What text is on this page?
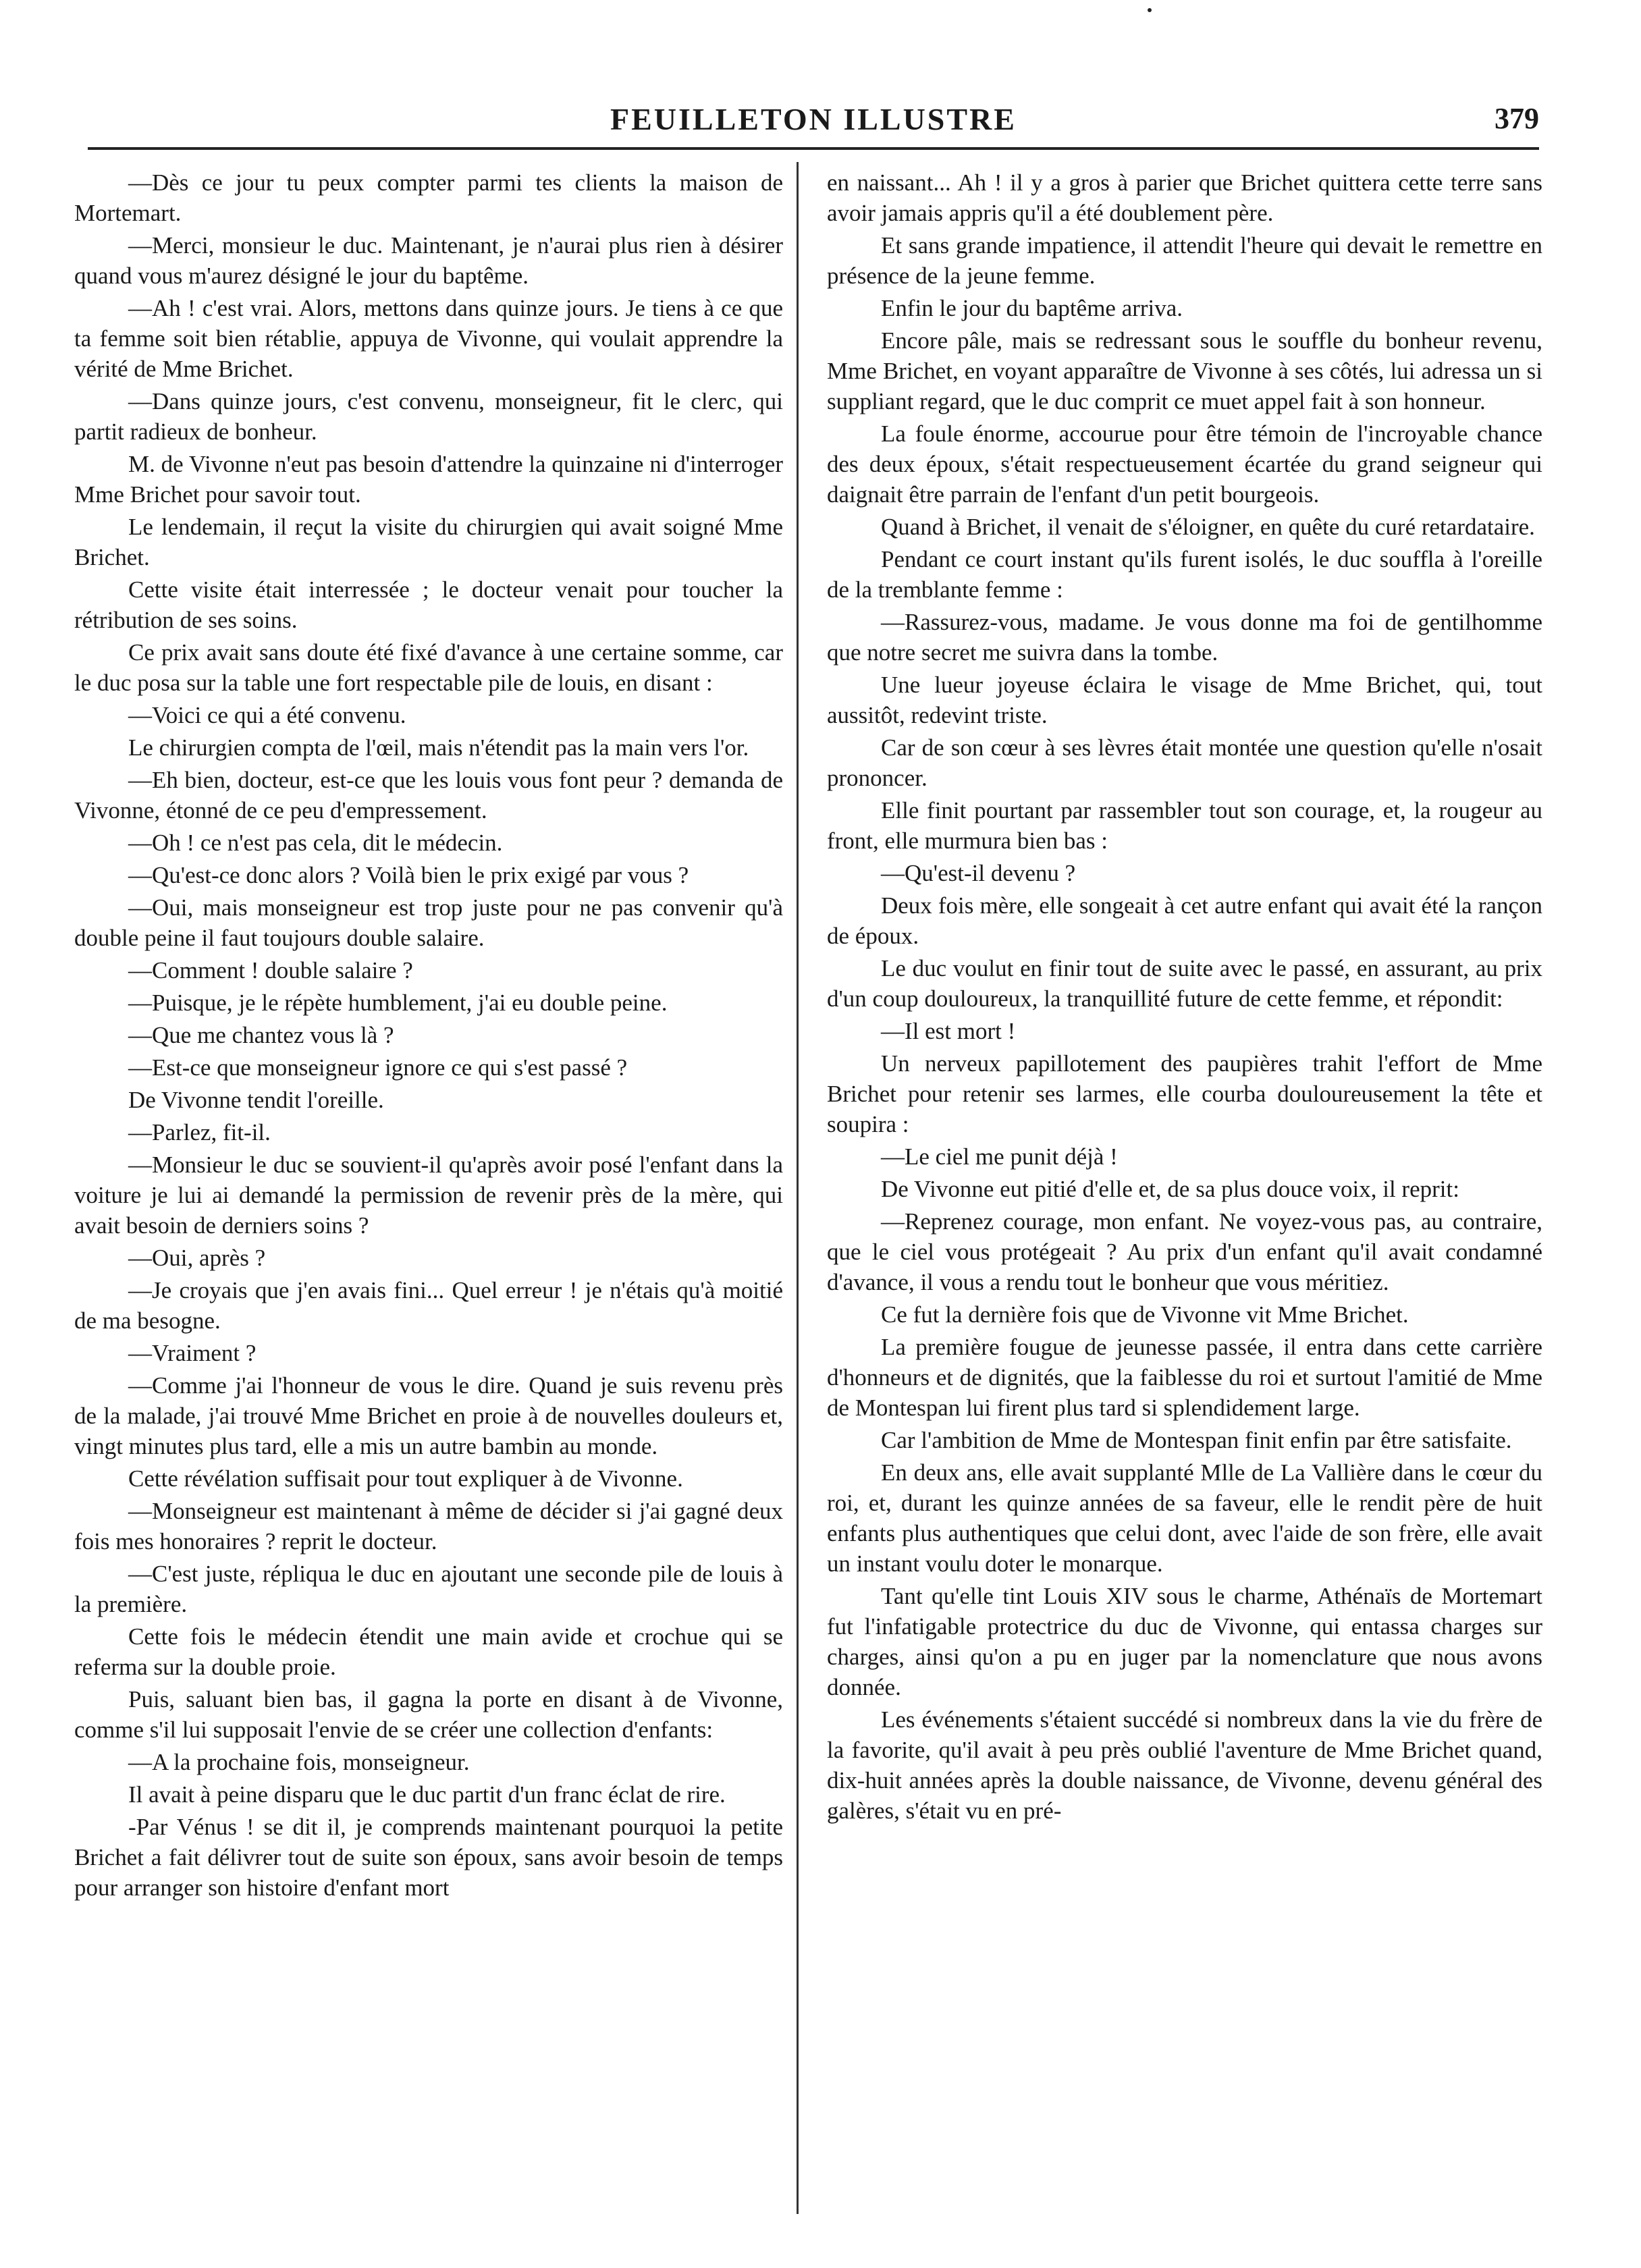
FEUILLETON ILLUSTRE	379

—Dès ce jour tu peux compter parmi tes clients la maison de Mortemart.

—Merci, monsieur le duc. Maintenant, je n'aurai plus rien à désirer quand vous m'aurez désigné le jour du baptême.

—Ah ! c'est vrai. Alors, mettons dans quinze jours. Je tiens à ce que ta femme soit bien rétablie, appuya de Vivonne, qui voulait apprendre la vérité de Mme Brichet.

—Dans quinze jours, c'est convenu, monseigneur, fit le clerc, qui partit radieux de bonheur.

M. de Vivonne n'eut pas besoin d'attendre la quinzaine ni d'interroger Mme Brichet pour savoir tout.

Le lendemain, il reçut la visite du chirurgien qui avait soigné Mme Brichet.

Cette visite était interressée ; le docteur venait pour toucher la rétribution de ses soins.

Ce prix avait sans doute été fixé d'avance à une certaine somme, car le duc posa sur la table une fort respectable pile de louis, en disant :

—Voici ce qui a été convenu.

Le chirurgien compta de l'œil, mais n'étendit pas la main vers l'or.

—Eh bien, docteur, est-ce que les louis vous font peur ? demanda de Vivonne, étonné de ce peu d'empressement.

—Oh ! ce n'est pas cela, dit le médecin.

—Qu'est-ce donc alors ? Voilà bien le prix exigé par vous ?

—Oui, mais monseigneur est trop juste pour ne pas convenir qu'à double peine il faut toujours double salaire.

—Comment ! double salaire ?

—Puisque, je le répète humblement, j'ai eu double peine.

—Que me chantez vous là ?

—Est-ce que monseigneur ignore ce qui s'est passé ?

De Vivonne tendit l'oreille.

—Parlez, fit-il.

—Monsieur le duc se souvient-il qu'après avoir posé l'enfant dans la voiture je lui ai demandé la permission de revenir près de la mère, qui avait besoin de derniers soins ?

—Oui, après ?

—Je croyais que j'en avais fini... Quel erreur ! je n'étais qu'à moitié de ma besogne.

—Vraiment ?

—Comme j'ai l'honneur de vous le dire. Quand je suis revenu près de la malade, j'ai trouvé Mme Brichet en proie à de nouvelles douleurs et, vingt minutes plus tard, elle a mis un autre bambin au monde.

Cette révélation suffisait pour tout expliquer à de Vivonne.

—Monseigneur est maintenant à même de décider si j'ai gagné deux fois mes honoraires ? reprit le docteur.

—C'est juste, répliqua le duc en ajoutant une seconde pile de louis à la première.

Cette fois le médecin étendit une main avide et crochue qui se referma sur la double proie.

Puis, saluant bien bas, il gagna la porte en disant à de Vivonne, comme s'il lui supposait l'envie de se créer une collection d'enfants:

—A la prochaine fois, monseigneur.

Il avait à peine disparu que le duc partit d'un franc éclat de rire.

-Par Vénus ! se dit il, je comprends maintenant pourquoi la petite Brichet a fait délivrer tout de suite son époux, sans avoir besoin de temps pour arranger son histoire d'enfant mort

en naissant... Ah ! il y a gros à parier que Brichet quittera cette terre sans avoir jamais appris qu'il a été doublement père.

Et sans grande impatience, il attendit l'heure qui devait le remettre en présence de la jeune femme.

Enfin le jour du baptême arriva.

Encore pâle, mais se redressant sous le souffle du bonheur revenu, Mme Brichet, en voyant apparaître de Vivonne à ses côtés, lui adressa un si suppliant regard, que le duc comprit ce muet appel fait à son honneur.

La foule énorme, accourue pour être témoin de l'incroyable chance des deux époux, s'était respectueusement écartée du grand seigneur qui daignait être parrain de l'enfant d'un petit bourgeois.

Quand à Brichet, il venait de s'éloigner, en quête du curé retardataire.

Pendant ce court instant qu'ils furent isolés, le duc souffla à l'oreille de la tremblante femme :

—Rassurez-vous, madame. Je vous donne ma foi de gentilhomme que notre secret me suivra dans la tombe.

Une lueur joyeuse éclaira le visage de Mme Brichet, qui, tout aussitôt, redevint triste.

Car de son cœur à ses lèvres était montée une question qu'elle n'osait prononcer.

Elle finit pourtant par rassembler tout son courage, et, la rougeur au front, elle murmura bien bas :

—Qu'est-il devenu ?

Deux fois mère, elle songeait à cet autre enfant qui avait été la rançon de époux.

Le duc voulut en finir tout de suite avec le passé, en assurant, au prix d'un coup douloureux, la tranquillité future de cette femme, et répondit:

—Il est mort !

Un nerveux papillotement des paupières trahit l'effort de Mme Brichet pour retenir ses larmes, elle courba douloureusement la tête et soupira :

—Le ciel me punit déjà !

De Vivonne eut pitié d'elle et, de sa plus douce voix, il reprit:

—Reprenez courage, mon enfant. Ne voyez-vous pas, au contraire, que le ciel vous protégeait ? Au prix d'un enfant qu'il avait condamné d'avance, il vous a rendu tout le bonheur que vous méritiez.

Ce fut la dernière fois que de Vivonne vit Mme Brichet.

La première fougue de jeunesse passée, il entra dans cette carrière d'honneurs et de dignités, que la faiblesse du roi et surtout l'amitié de Mme de Montespan lui firent plus tard si splendidement large.

Car l'ambition de Mme de Montespan finit enfin par être satisfaite.

En deux ans, elle avait supplanté Mlle de La Vallière dans le cœur du roi, et, durant les quinze années de sa faveur, elle le rendit père de huit enfants plus authentiques que celui dont, avec l'aide de son frère, elle avait un instant voulu doter le monarque.

Tant qu'elle tint Louis XIV sous le charme, Athénaïs de Mortemart fut l'infatigable protectrice du duc de Vivonne, qui entassa charges sur charges, ainsi qu'on a pu en juger par la nomenclature que nous avons donnée.

Les événements s'étaient succédé si nombreux dans la vie du frère de la favorite, qu'il avait à peu près oublié l'aventure de Mme Brichet quand, dix-huit années après la double naissance, de Vivonne, devenu général des galères, s'était vu en pré-
